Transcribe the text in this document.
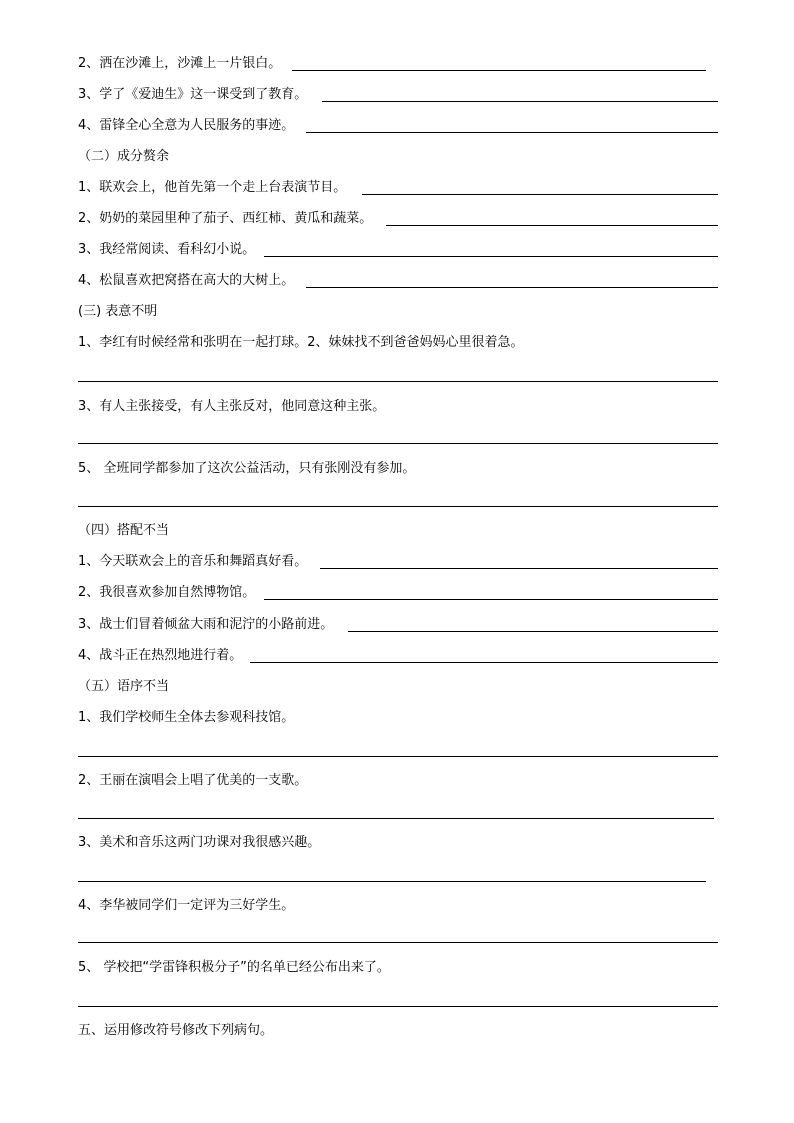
2、洒在沙滩上，沙滩上一片银白。
3、学了《爱迪生》这一课受到了教育。
4、雷锋全心全意为人民服务的事迹。
（二）成分赘余
1、联欢会上，他首先第一个走上台表演节目。
2、奶奶的菜园里种了茄子、西红柿、黄瓜和蔬菜。
3、我经常阅读、看科幻小说。
4、松鼠喜欢把窝搭在高大的大树上。
(三) 表意不明
1、李红有时候经常和张明在一起打球。2、妹妹找不到爸爸妈妈心里很着急。
3、有人主张接受，有人主张反对，他同意这种主张。
5、 全班同学都参加了这次公益活动，只有张刚没有参加。
（四）搭配不当
1、今天联欢会上的音乐和舞蹈真好看。
2、我很喜欢参加自然博物馆。
3、战士们冒着倾盆大雨和泥泞的小路前进。
4、战斗正在热烈地进行着。
（五）语序不当
1、我们学校师生全体去参观科技馆。
2、王丽在演唱会上唱了优美的一支歌。
3、美术和音乐这两门功课对我很感兴趣。
4、李华被同学们一定评为三好学生。
5、 学校把“学雷锋积极分子”的名单已经公布出来了。
五、运用修改符号修改下列病句。
